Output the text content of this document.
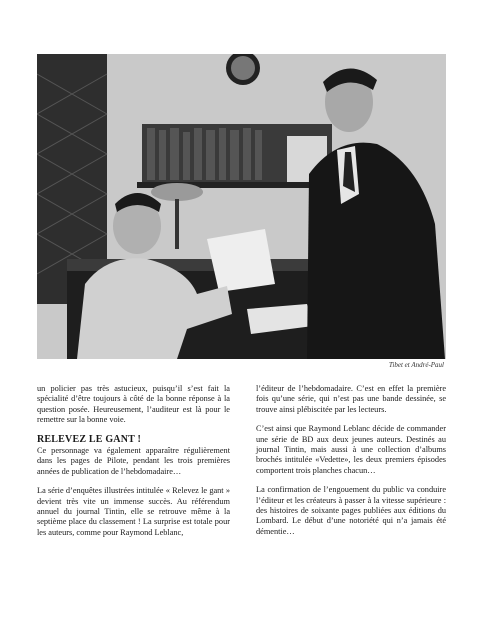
Tibet et André-Paul

un policier pas très astucieux, puisqu’il s’est fait la spécialité d’être toujours à côté de la bonne réponse à la question posée. Heureusement, l’auditeur est là pour le remettre sur la bonne voie.

RELEVEZ LE GANT !

Ce personnage va également apparaître régulièrement dans les pages de Pilote, pendant les trois premières années de publication de l’hebdomadaire…

La série d’enquêtes illustrées intitulée « Relevez le gant » devient très vite un immense succès. Au référendum annuel du journal Tintin, elle se retrouve même à la septième place du classement ! La surprise est totale pour les auteurs, comme pour Raymond Leblanc,

l’éditeur de l’hebdomadaire. C’est en effet la première fois qu’une série, qui n’est pas une bande dessinée, se trouve ainsi plébiscitée par les lecteurs.

C’est ainsi que Raymond Leblanc décide de commander une série de BD aux deux jeunes auteurs. Destinés au journal Tintin, mais aussi à une collection d’albums brochés intitulée «Vedette», les deux premiers épisodes comportent trois planches chacun…

La confirmation de l’engouement du public va conduire l’éditeur et les créateurs à passer à la vitesse supérieure : des histoires de soixante pages publiées aux éditions du Lombard. Le début d’une notoriété qui n’a jamais été démentie…
